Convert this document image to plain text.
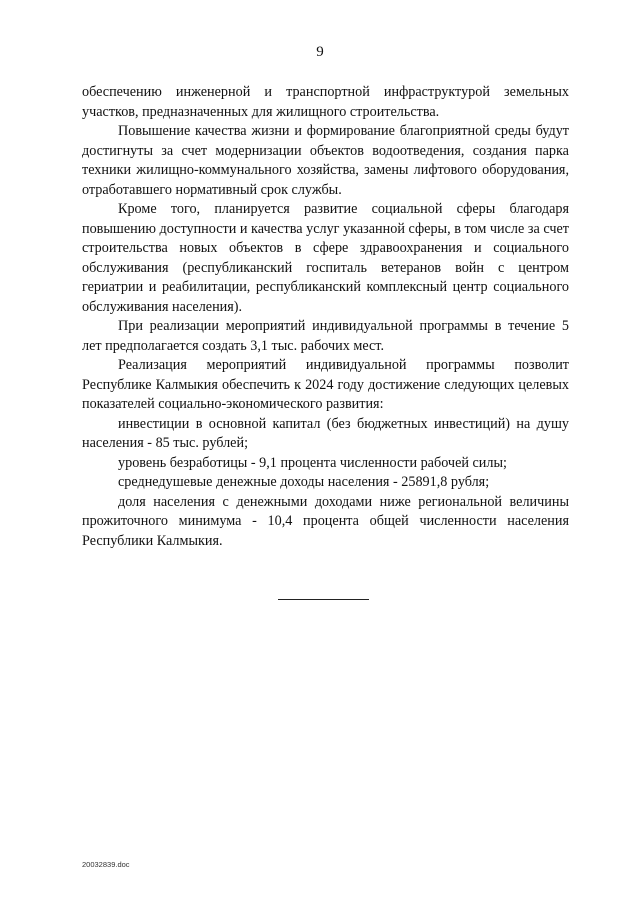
9

обеспечению инженерной и транспортной инфраструктурой земельных участков, предназначенных для жилищного строительства.

Повышение качества жизни и формирование благоприятной среды будут достигнуты за счет модернизации объектов водоотведения, создания парка техники жилищно-коммунального хозяйства, замены лифтового оборудования, отработавшего нормативный срок службы.

Кроме того, планируется развитие социальной сферы благодаря повышению доступности и качества услуг указанной сферы, в том числе за счет строительства новых объектов в сфере здравоохранения и социального обслуживания (республиканский госпиталь ветеранов войн с центром гериатрии и реабилитации, республиканский комплексный центр социального обслуживания населения).

При реализации мероприятий индивидуальной программы в течение 5 лет предполагается создать 3,1 тыс. рабочих мест.

Реализация мероприятий индивидуальной программы позволит Республике Калмыкия обеспечить к 2024 году достижение следующих целевых показателей социально-экономического развития:

инвестиции в основной капитал (без бюджетных инвестиций) на душу населения - 85 тыс. рублей;

уровень безработицы - 9,1 процента численности рабочей силы;

среднедушевые денежные доходы населения - 25891,8 рубля;

доля населения с денежными доходами ниже региональной величины прожиточного минимума - 10,4 процента общей численности населения Республики Калмыкия.

20032839.doc
